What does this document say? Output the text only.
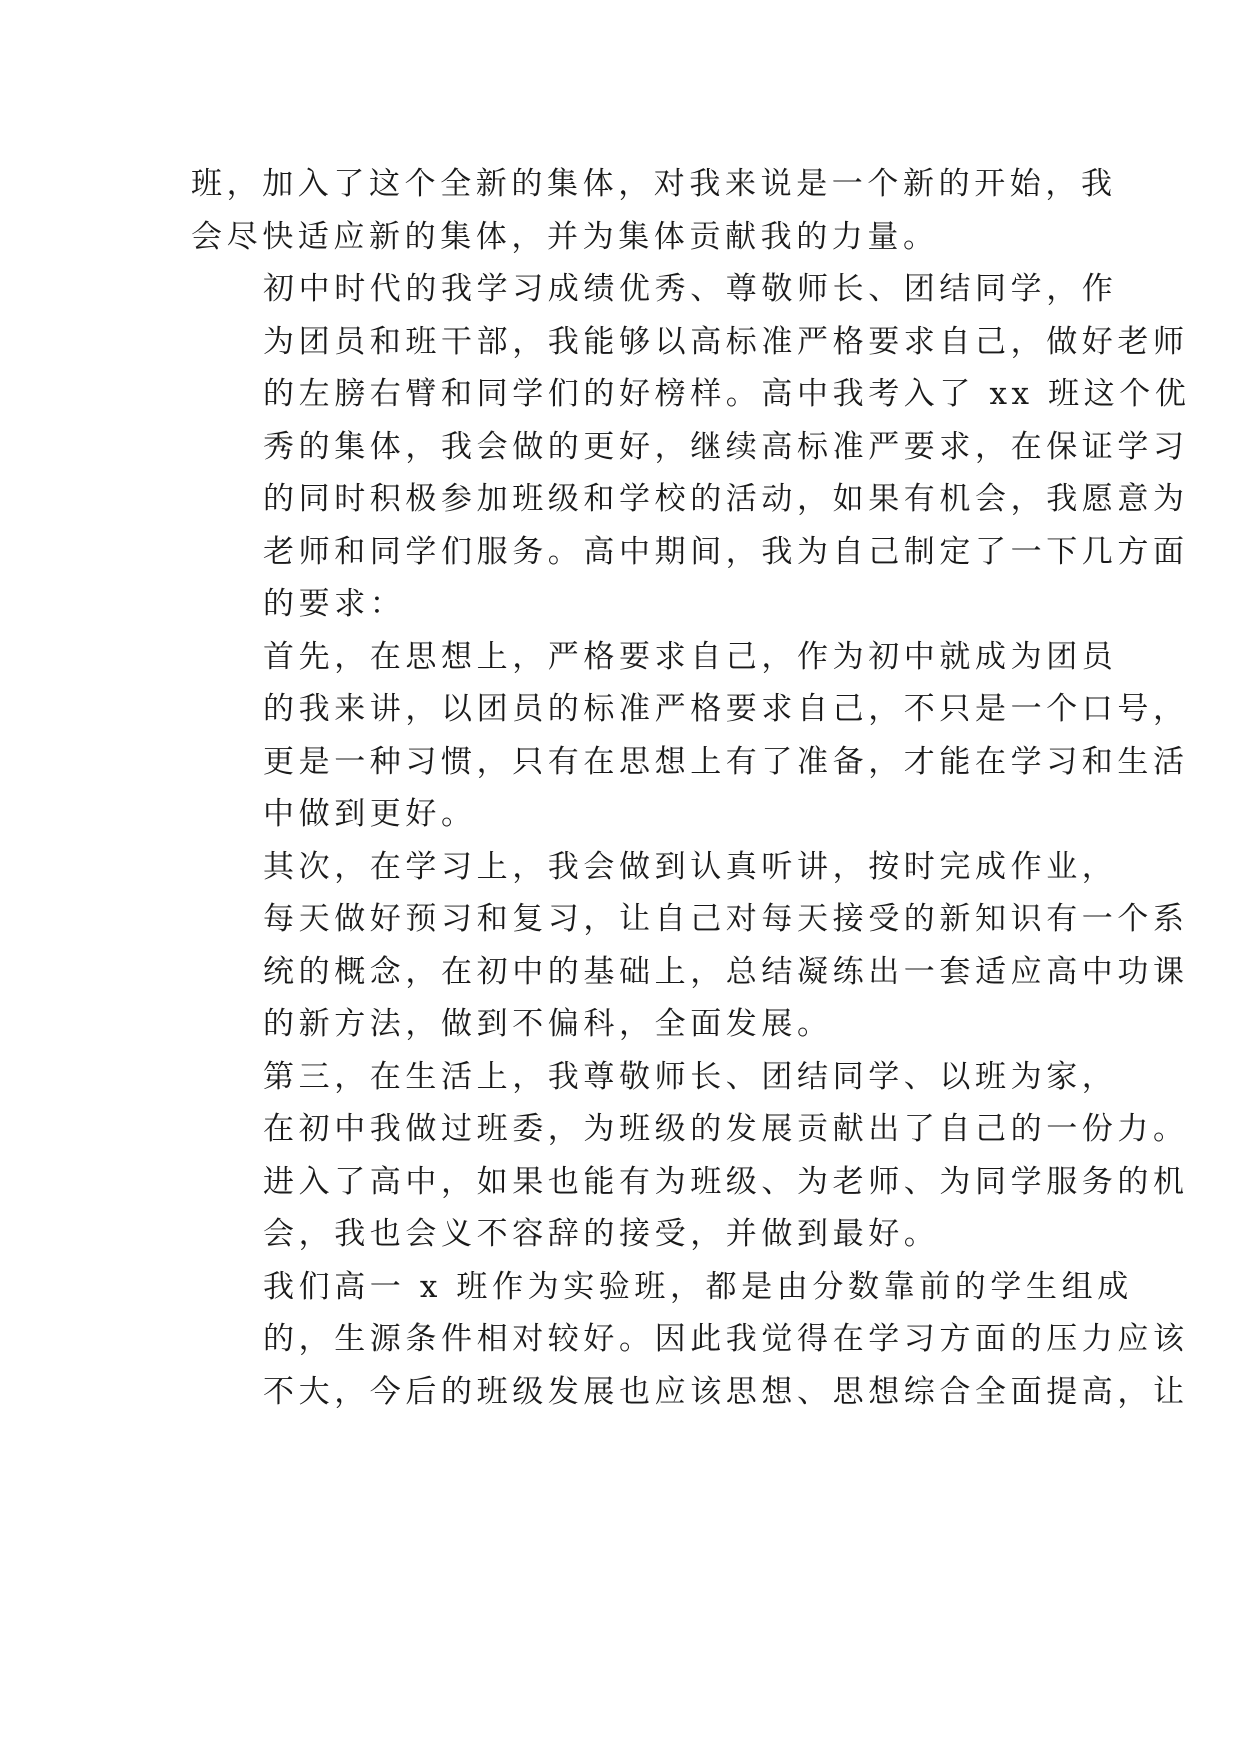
班，加入了这个全新的集体，对我来说是一个新的开始，我
会尽快适应新的集体，并为集体贡献我的力量。

初中时代的我学习成绩优秀、尊敬师长、团结同学，作
为团员和班干部，我能够以高标准严格要求自己，做好老师
的左膀右臂和同学们的好榜样。高中我考入了 xx 班这个优
秀的集体，我会做的更好，继续高标准严要求，在保证学习
的同时积极参加班级和学校的活动，如果有机会，我愿意为
老师和同学们服务。高中期间，我为自己制定了一下几方面
的要求：

首先，在思想上，严格要求自己，作为初中就成为团员
的我来讲，以团员的标准严格要求自己，不只是一个口号，
更是一种习惯，只有在思想上有了准备，才能在学习和生活
中做到更好。

其次，在学习上，我会做到认真听讲，按时完成作业，
每天做好预习和复习，让自己对每天接受的新知识有一个系
统的概念，在初中的基础上，总结凝练出一套适应高中功课
的新方法，做到不偏科，全面发展。

第三，在生活上，我尊敬师长、团结同学、以班为家，
在初中我做过班委，为班级的发展贡献出了自己的一份力。
进入了高中，如果也能有为班级、为老师、为同学服务的机
会，我也会义不容辞的接受，并做到最好。

我们高一 x 班作为实验班，都是由分数靠前的学生组成
的，生源条件相对较好。因此我觉得在学习方面的压力应该
不大，今后的班级发展也应该思想、思想综合全面提高，让
